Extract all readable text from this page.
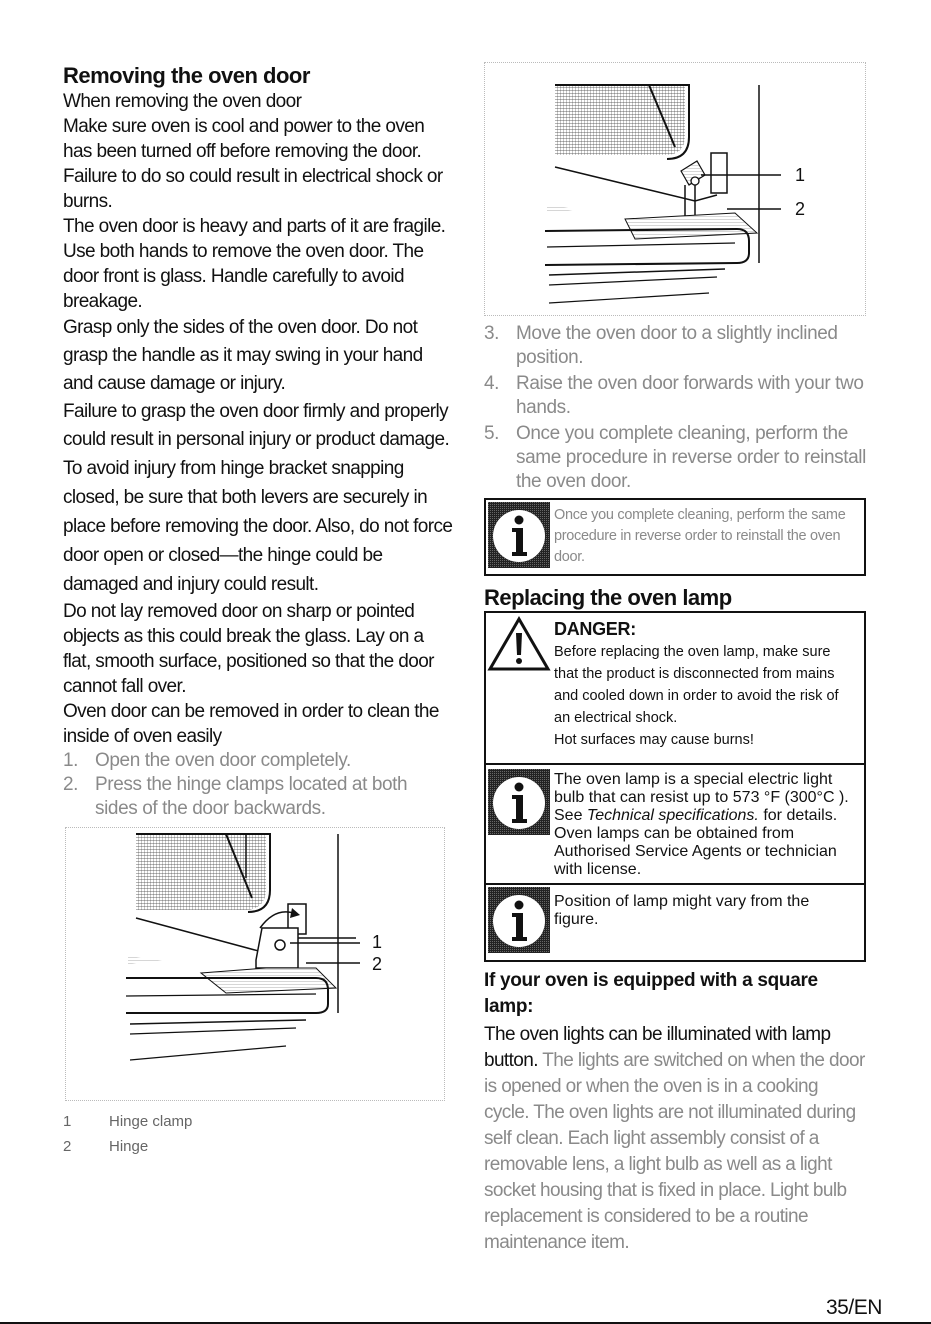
Removing the oven door

When removing the oven door

Make sure oven is cool and power to the oven has been turned off before removing the door. Failure to do so could result in electrical shock or burns.

The oven door is heavy and parts of it are fragile. Use both hands to remove the oven door. The door front is glass. Handle carefully to avoid breakage.

Grasp only the sides of the oven door. Do not grasp the handle as it may swing in your hand and cause damage or injury.

Failure to grasp the oven door firmly and properly could result in personal injury or product damage.

To avoid injury from hinge bracket snapping closed, be sure that both levers are securely in place before removing the door. Also, do not force door open or closed—the hinge could be damaged and injury could result.

Do not lay removed door on sharp or pointed objects as this could break the glass. Lay on a flat, smooth surface, positioned so that the door cannot fall over.

Oven door can be removed in order to clean the inside of oven easily

1. Open the oven door completely.
2. Press the hinge clamps located at both sides of the door backwards.
1
2
1	Hinge clamp
2	Hinge
1
2
3. Move the oven door to a slightly inclined position.
4. Raise the oven door forwards with your two hands.
5. Once you complete cleaning, perform the same procedure in reverse order to reinstall the oven door.
Once you complete cleaning, perform the same procedure in reverse order to reinstall the oven door.
Replacing the oven lamp
DANGER:
Before replacing the oven lamp, make sure that the product is disconnected from mains and cooled down in order to avoid the risk of an electrical shock.
Hot surfaces may cause burns!
The oven lamp is a special electric light bulb that can resist up to 573 °F (300°C ). See Technical specifications. for details. Oven lamps can be obtained from Authorised Service Agents or technician with license.
Position of lamp might vary from the figure.
If your oven is equipped with a square lamp:

The oven lights can be illuminated with lamp button. The lights are switched on when the door is opened or when the oven is in a cooking cycle. The oven lights are not illuminated during self clean. Each light assembly consist of a removable lens, a light bulb as well as a light socket housing that is fixed in place. Light bulb replacement is considered to be a routine maintenance item.

35/EN
